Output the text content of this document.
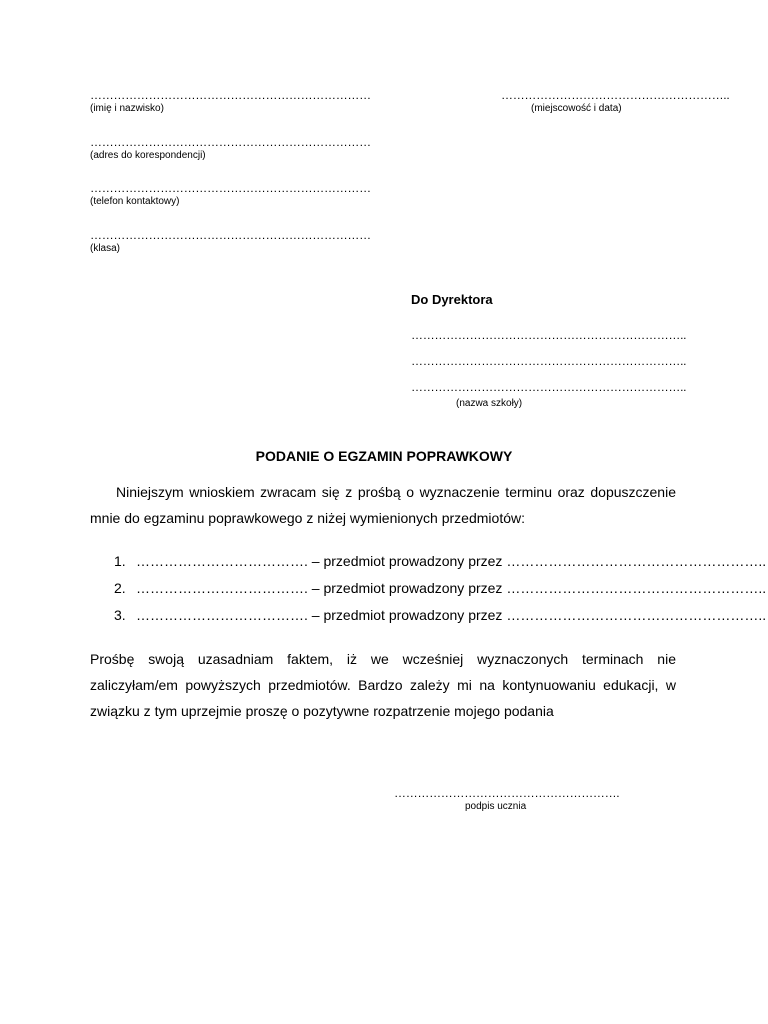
………………………………………………………………
(imię i nazwisko)
………………………………………………………………
(adres do korespondencji)
………………………………………………………………
(telefon kontaktowy)
………………………………………………………………
(klasa)
…………………………………………………..
(miejscowość i data)
Do Dyrektora
……………………………………………………………..
……………………………………………………………..
……………………………………………………………..
(nazwa szkoły)
PODANIE O EGZAMIN POPRAWKOWY
Niniejszym wnioskiem zwracam się z prośbą o wyznaczenie terminu oraz dopuszczenie mnie do egzaminu poprawkowego z niżej wymienionych przedmiotów:
1. ………………………………. – przedmiot prowadzony przez ………………………………………………..
2. ………………………………. – przedmiot prowadzony przez ………………………………………………..
3. ………………………………. – przedmiot prowadzony przez ………………………………………………..
Prośbę swoją uzasadniam faktem, iż we wcześniej wyznaczonych terminach nie zaliczyłam/em powyższych przedmiotów. Bardzo zależy mi na kontynuowaniu edukacji, w związku z tym uprzejmie proszę o pozytywne rozpatrzenie mojego podania
………………………………………………….
podpis ucznia
